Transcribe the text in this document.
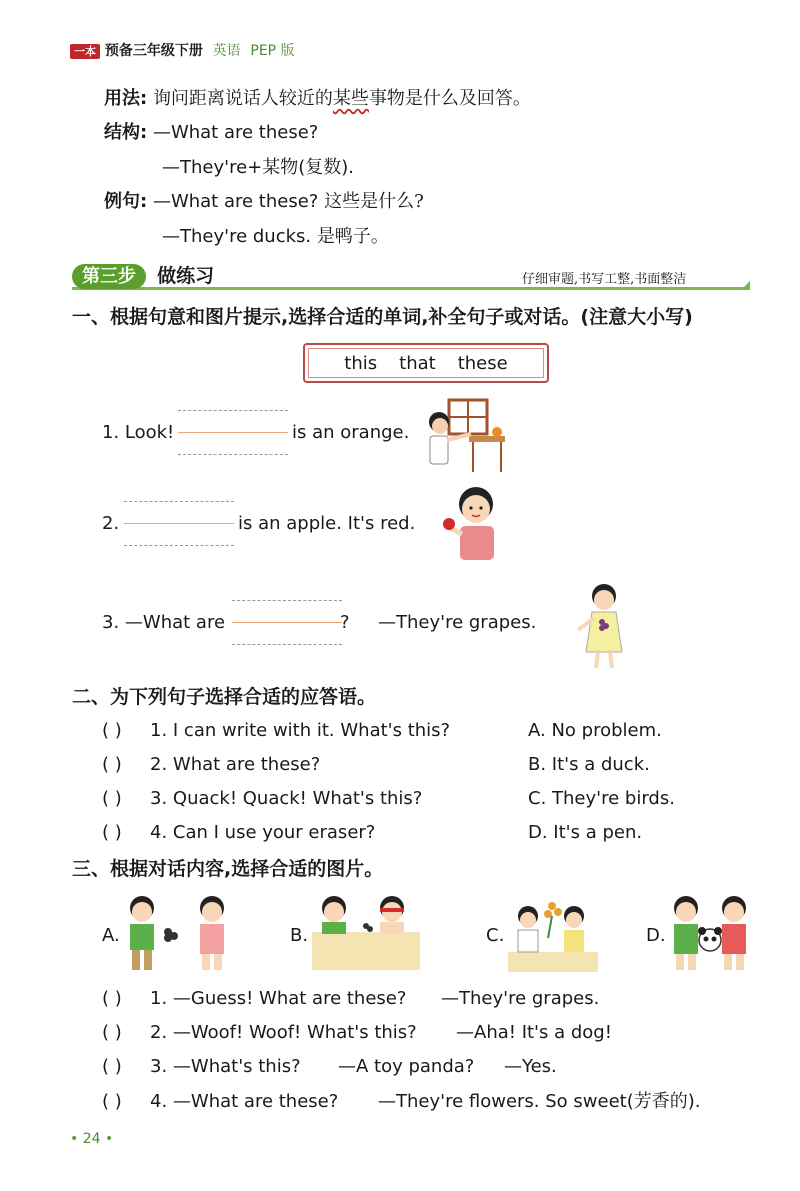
一本 预备三年级下册 英语 PEP 版
用法: 询问距离说话人较近的某些事物是什么及回答。
结构: —What are these?
—They're+某物(复数).
例句: —What are these? 这些是什么?
—They're ducks. 是鸭子。
第三步 做练习	仔细审题,书写工整,书面整洁
一、根据句意和图片提示,选择合适的单词,补全句子或对话。(注意大小写)
this that these
1. Look!	is an orange.
2.	is an apple. It's red.
3. —What are	? —They're grapes.
二、为下列句子选择合适的应答语。
( ) 1. I can write with it. What's this?	A. No problem.
( ) 2. What are these?	B. It's a duck.
( ) 3. Quack! Quack! What's this?	C. They're birds.
( ) 4. Can I use your eraser?	D. It's a pen.
三、根据对话内容,选择合适的图片。
A.	B.	C.	D.
( ) 1. —Guess! What are these? —They're grapes.
( ) 2. —Woof! Woof! What's this? —Aha! It's a dog!
( ) 3. —What's this? —A toy panda? —Yes.
( ) 4. —What are these? —They're flowers. So sweet(芳香的).
• 24 •
